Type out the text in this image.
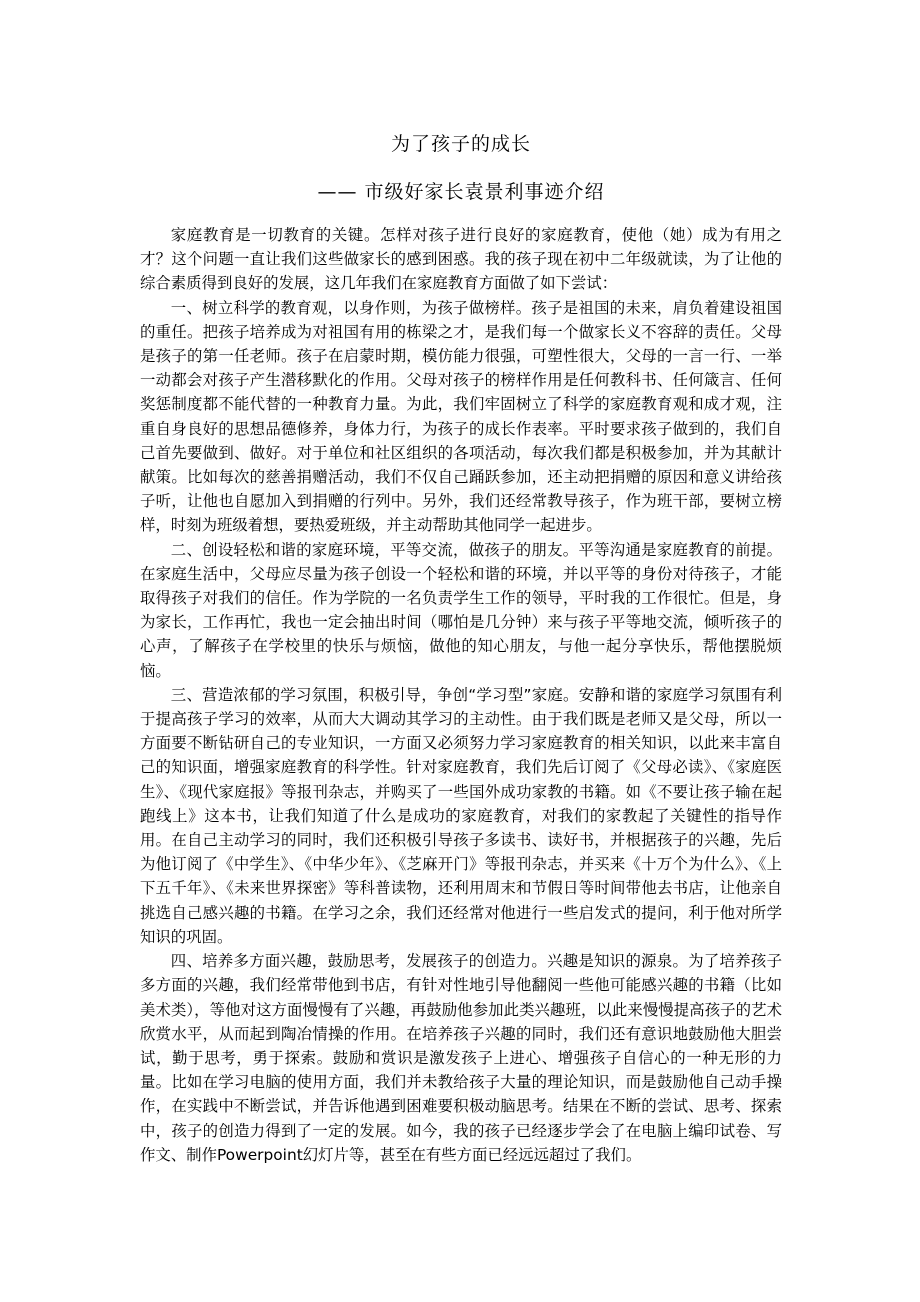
为了孩子的成长
—— 市级好家长袁景利事迹介绍

家庭教育是一切教育的关键。怎样对孩子进行良好的家庭教育，使他（她）成为有用之才？这个问题一直让我们这些做家长的感到困惑。我的孩子现在初中二年级就读，为了让他的综合素质得到良好的发展，这几年我们在家庭教育方面做了如下尝试：

一、树立科学的教育观，以身作则，为孩子做榜样。孩子是祖国的未来，肩负着建设祖国的重任。把孩子培养成为对祖国有用的栋梁之才，是我们每一个做家长义不容辞的责任。父母是孩子的第一任老师。孩子在启蒙时期，模仿能力很强，可塑性很大，父母的一言一行、一举一动都会对孩子产生潜移默化的作用。父母对孩子的榜样作用是任何教科书、任何箴言、任何奖惩制度都不能代替的一种教育力量。为此，我们牢固树立了科学的家庭教育观和成才观，注重自身良好的思想品德修养，身体力行，为孩子的成长作表率。平时要求孩子做到的，我们自己首先要做到、做好。对于单位和社区组织的各项活动，每次我们都是积极参加，并为其献计献策。比如每次的慈善捐赠活动，我们不仅自己踊跃参加，还主动把捐赠的原因和意义讲给孩子听，让他也自愿加入到捐赠的行列中。另外，我们还经常教导孩子，作为班干部，要树立榜样，时刻为班级着想，要热爱班级，并主动帮助其他同学一起进步。

二、创设轻松和谐的家庭环境，平等交流，做孩子的朋友。平等沟通是家庭教育的前提。在家庭生活中，父母应尽量为孩子创设一个轻松和谐的环境，并以平等的身份对待孩子，才能取得孩子对我们的信任。作为学院的一名负责学生工作的领导，平时我的工作很忙。但是，身为家长，工作再忙，我也一定会抽出时间（哪怕是几分钟）来与孩子平等地交流，倾听孩子的心声，了解孩子在学校里的快乐与烦恼，做他的知心朋友，与他一起分享快乐，帮他摆脱烦恼。

三、营造浓郁的学习氛围，积极引导，争创“学习型”家庭。安静和谐的家庭学习氛围有利于提高孩子学习的效率，从而大大调动其学习的主动性。由于我们既是老师又是父母，所以一方面要不断钻研自己的专业知识，一方面又必须努力学习家庭教育的相关知识，以此来丰富自己的知识面，增强家庭教育的科学性。针对家庭教育，我们先后订阅了《父母必读》、《家庭医生》、《现代家庭报》等报刊杂志，并购买了一些国外成功家教的书籍。如《不要让孩子输在起跑线上》这本书，让我们知道了什么是成功的家庭教育，对我们的家教起了关键性的指导作用。在自己主动学习的同时，我们还积极引导孩子多读书、读好书，并根据孩子的兴趣，先后为他订阅了《中学生》、《中华少年》、《芝麻开门》等报刊杂志，并买来《十万个为什么》、《上下五千年》、《未来世界探密》等科普读物，还利用周末和节假日等时间带他去书店，让他亲自挑选自己感兴趣的书籍。在学习之余，我们还经常对他进行一些启发式的提问，利于他对所学知识的巩固。

四、培养多方面兴趣，鼓励思考，发展孩子的创造力。兴趣是知识的源泉。为了培养孩子多方面的兴趣，我们经常带他到书店，有针对性地引导他翻阅一些他可能感兴趣的书籍（比如美术类），等他对这方面慢慢有了兴趣，再鼓励他参加此类兴趣班，以此来慢慢提高孩子的艺术欣赏水平，从而起到陶冶情操的作用。在培养孩子兴趣的同时，我们还有意识地鼓励他大胆尝试，勤于思考，勇于探索。鼓励和赏识是激发孩子上进心、增强孩子自信心的一种无形的力量。比如在学习电脑的使用方面，我们并未教给孩子大量的理论知识，而是鼓励他自己动手操作，在实践中不断尝试，并告诉他遇到困难要积极动脑思考。结果在不断的尝试、思考、探索中，孩子的创造力得到了一定的发展。如今，我的孩子已经逐步学会了在电脑上编印试卷、写作文、制作Powerpoint幻灯片等，甚至在有些方面已经远远超过了我们。
